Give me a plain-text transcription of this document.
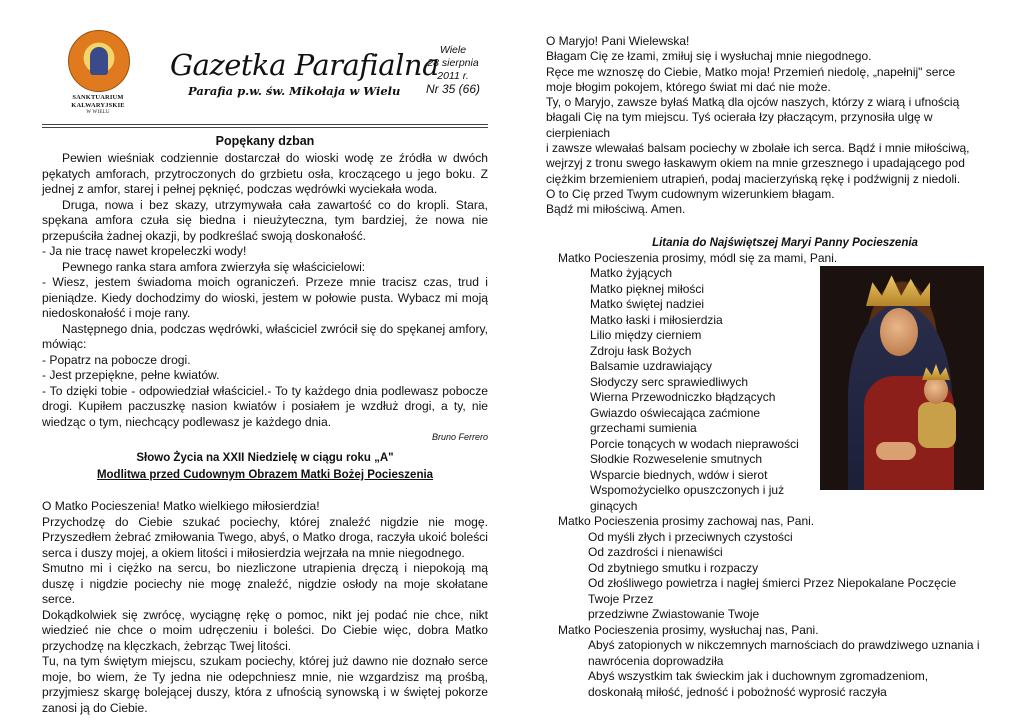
SANKTUARIUM
KALWARYJSKIE
W WIELU
Gazetka Parafialna
Parafia p.w. św. Mikołaja w Wielu
Wiele
28 sierpnia
2011 r.
Nr 35 (66)
Popękany dzban

Pewien wieśniak codziennie dostarczał do wioski wodę ze źródła w dwóch pękatych amforach, przytroczonych do grzbietu osła, kroczącego u jego boku. Z jednej z amfor, starej i pełnej pęknięć, podczas wędrówki wyciekała woda.

Druga, nowa i bez skazy, utrzymywała cała zawartość co do kropli. Stara, spękana amfora czuła się biedna i nieużyteczna, tym bardziej, że nowa nie przepuściła żadnej okazji, by podkreślać swoją doskonałość.

- Ja nie tracę nawet kropeleczki wody!

Pewnego ranka stara amfora zwierzyła się właścicielowi:

- Wiesz, jestem świadoma moich ograniczeń. Przeze mnie tracisz czas, trud i pieniądze. Kiedy dochodzimy do wioski, jestem w połowie pusta. Wybacz mi moją niedoskonałość i moje rany.

Następnego dnia, podczas wędrówki, właściciel zwrócił się do spękanej amfory, mówiąc:

- Popatrz na pobocze drogi.

- Jest przepiękne, pełne kwiatów.

- To dzięki tobie - odpowiedział właściciel.- To ty każdego dnia podlewasz pobocze drogi. Kupiłem paczuszkę nasion kwiatów i posiałem je wzdłuż drogi, a ty, nie wiedząc o tym, niechcący podlewasz je każdego dnia.

Bruno Ferrero
Słowo Życia na XXII Niedzielę w ciągu roku „A"
Modlitwa przed Cudownym Obrazem Matki Bożej Pocieszenia

O Matko Pocieszenia! Matko wielkiego miłosierdzia!

Przychodzę do Ciebie szukać pociechy, której znaleźć nigdzie nie mogę. Przyszedłem żebrać zmiłowania Twego, abyś, o Matko droga, raczyła ukoić boleści serca i duszy mojej, a okiem litości i miłosierdzia wejrzała na mnie niegodnego.

Smutno mi i ciężko na sercu, bo niezliczone utrapienia dręczą i niepokoją mą duszę i nigdzie pociechy nie mogę znaleźć, nigdzie osłody na moje skołatane serce.

Dokądkolwiek się zwrócę, wyciągnę rękę o pomoc, nikt jej podać nie chce, nikt wiedzieć nie chce o moim udręczeniu i boleści. Do Ciebie więc, dobra Matko przychodzę na klęczkach, żebrząc Twej litości.

Tu, na tym świętym miejscu, szukam pociechy, której już dawno nie doznało serce moje, bo wiem, że Ty jedna nie odepchniesz mnie, nie wzgardzisz mą prośbą, przyjmiesz skargę bolejącej duszy, która z ufnością synowską i w świętej pokorze zanosi ją do Ciebie.

O Maryjo! Pani Wielewska!

Błagam Cię ze łzami, zmiłuj się i wysłuchaj mnie niegodnego.

Ręce me wznoszę do Ciebie, Matko moja! Przemień niedolę, „napełnij" serce moje błogim pokojem, którego świat mi dać nie może.

Ty, o Maryjo, zawsze byłaś Matką dla ojców naszych, którzy z wiarą i ufnością błagali Cię na tym miejscu. Tyś ocierała łzy płaczącym, przynosiła ulgę w cierpieniach

i zawsze wlewałaś balsam pociechy w zbolałe ich serca. Bądź i mnie miłościwą, wejrzyj z tronu swego łaskawym okiem na mnie grzesznego i upadającego pod ciężkim brzemieniem utrapień, podaj macierzyńską rękę i podźwignij z niedoli.

O to Cię przed Twym cudownym wizerunkiem błagam.

Bądź mi miłościwą. Amen.

Litania do Najświętszej Maryi Panny Pocieszenia
Matko Pocieszenia prosimy, módl się za mami, Pani.
Matko żyjących
Matko pięknej miłości
Matko świętej nadziei
Matko łaski i miłosierdzia
Lilio między cierniem
Zdroju łask Bożych
Balsamie uzdrawiający
Słodyczy serc sprawiedliwych
Wierna Przewodniczko błądzących
Gwiazdo oświecająca zaćmione grzechami sumienia
Porcie tonących w wodach nieprawości
Słodkie Rozweselenie smutnych
Wsparcie biednych, wdów i sierot
Wspomożycielko opuszczonych i już ginących
Matko Pocieszenia prosimy zachowaj nas, Pani.
Od myśli złych i przeciwnych czystości
Od zazdrości i nienawiści
Od zbytniego smutku i rozpaczy
Od złośliwego powietrza i nagłej śmierci Przez Niepokalane Poczęcie Twoje Przez
przedziwne Zwiastowanie Twoje
Matko Pocieszenia prosimy, wysłuchaj nas, Pani.
Abyś zatopionych w nikczemnych marnościach do prawdziwego uznania i nawrócenia doprowadziła
Abyś wszystkim tak świeckim jak i duchownym zgromadzeniom, doskonałą miłość, jedność i pobożność wyprosić raczyła
